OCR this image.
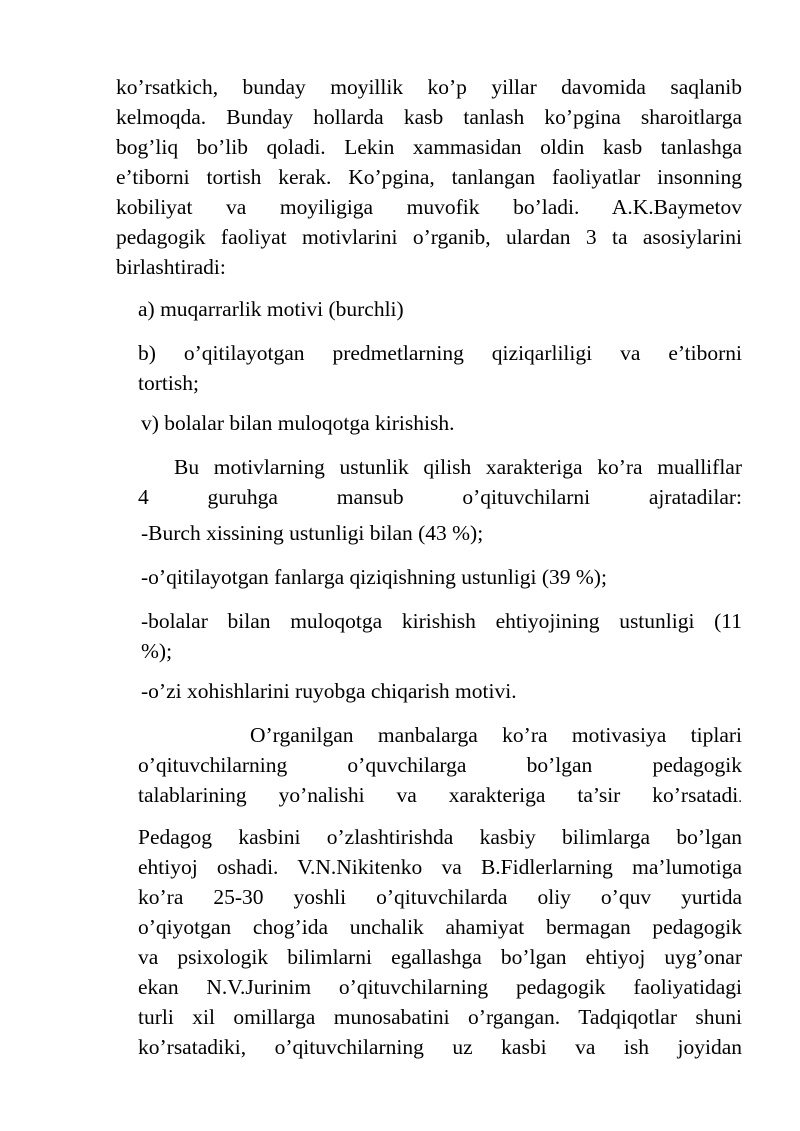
ko’rsatkich, bunday moyillik ko’p yillar davomida saqlanib
kelmoqda. Bunday hollarda kasb tanlash ko’pgina sharoitlarga
bog’liq bo’lib qoladi. Lekin xammasidan oldin kasb tanlashga
e’tiborni tortish kerak. Ko’pgina, tanlangan faoliyatlar insonning
kobiliyat va moyiligiga muvofik bo’ladi. A.K.Baymetov
pedagogik faoliyat motivlarini o’rganib, ulardan 3 ta asosiylarini
birlashtiradi:
a) muqarrarlik motivi (burchli)
b) o’qitilayotgan predmetlarning qiziqarliligi va e’tiborni
tortish;
v) bolalar bilan muloqotga kirishish.
Bu motivlarning ustunlik qilish xarakteriga ko’ra mualliflar
4 guruhga mansub o’qituvchilarni ajratadilar:
-Burch xissining ustunligi bilan (43 %);
-o’qitilayotgan fanlarga qiziqishning ustunligi (39 %);
-bolalar bilan muloqotga kirishish ehtiyojining ustunligi (11
%);
-o’zi xohishlarini ruyobga chiqarish motivi.
O’rganilgan manbalarga ko’ra motivasiya tiplari
o’qituvchilarning o’quvchilarga bo’lgan pedagogik
talablarining yo’nalishi va xarakteriga ta’sir ko’rsatadi.
Pedagog kasbini o’zlashtirishda kasbiy bilimlarga bo’lgan
ehtiyoj oshadi. V.N.Nikitenko va B.Fidlerlarning ma’lumotiga
ko’ra 25-30 yoshli o’qituvchilarda oliy o’quv yurtida
o’qiyotgan chog’ida unchalik ahamiyat bermagan pedagogik
va psixologik bilimlarni egallashga bo’lgan ehtiyoj uyg’onar
ekan N.V.Jurinim o’qituvchilarning pedagogik faoliyatidagi
turli xil omillarga munosabatini o’rgangan. Tadqiqotlar shuni
ko’rsatadiki, o’qituvchilarning uz kasbi va ish joyidan
